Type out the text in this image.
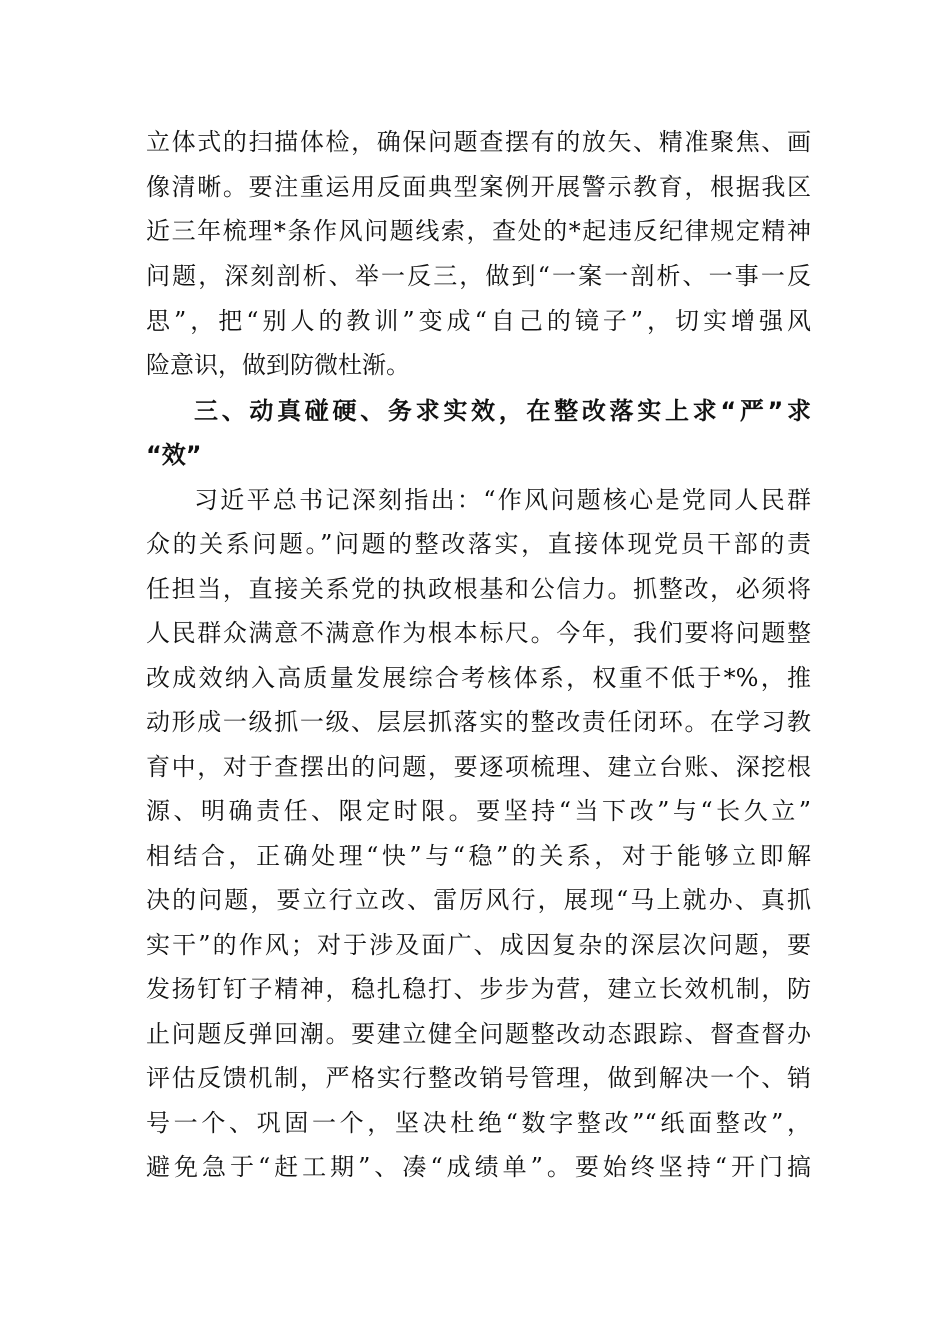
立体式的扫描体检，确保问题查摆有的放矢、精准聚焦、画
像清晰。要注重运用反面典型案例开展警示教育，根据我区
近三年梳理*条作风问题线索，查处的*起违反纪律规定精神
问题，深刻剖析、举一反三，做到“一案一剖析、一事一反
思”，把“别人的教训”变成“自己的镜子”，切实增强风
险意识，做到防微杜渐。
三、动真碰硬、务求实效，在整改落实上求“严”求
“效”
习近平总书记深刻指出：“作风问题核心是党同人民群
众的关系问题。”问题的整改落实，直接体现党员干部的责
任担当，直接关系党的执政根基和公信力。抓整改，必须将
人民群众满意不满意作为根本标尺。今年，我们要将问题整
改成效纳入高质量发展综合考核体系，权重不低于*%，推
动形成一级抓一级、层层抓落实的整改责任闭环。在学习教
育中，对于查摆出的问题，要逐项梳理、建立台账、深挖根
源、明确责任、限定时限。要坚持“当下改”与“长久立”
相结合，正确处理“快”与“稳”的关系，对于能够立即解
决的问题，要立行立改、雷厉风行，展现“马上就办、真抓
实干”的作风；对于涉及面广、成因复杂的深层次问题，要
发扬钉钉子精神，稳扎稳打、步步为营，建立长效机制，防
止问题反弹回潮。要建立健全问题整改动态跟踪、督查督办
评估反馈机制，严格实行整改销号管理，做到解决一个、销
号一个、巩固一个，坚决杜绝“数字整改”“纸面整改”，
避免急于“赶工期”、凑“成绩单”。要始终坚持“开门搞
